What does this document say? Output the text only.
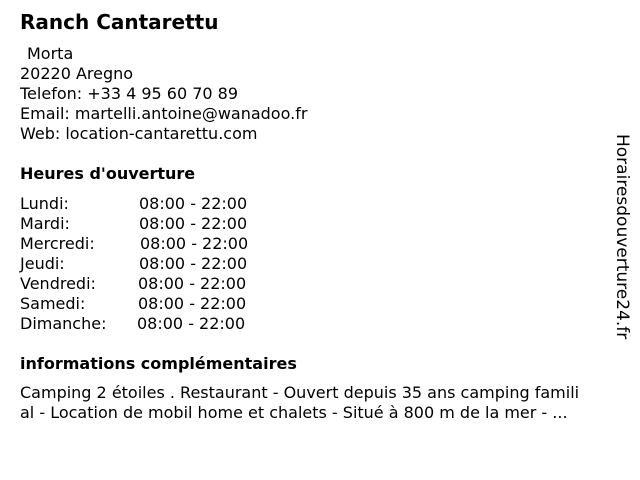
Ranch Cantarettu
Morta
20220 Aregno
Telefon: +33 4 95 60 70 89
Email: martelli.antoine@wanadoo.fr
Web: location-cantarettu.com
Heures d'ouverture
Lundi:	08:00 - 22:00
Mardi:	08:00 - 22:00
Mercredi:	08:00 - 22:00
Jeudi:	08:00 - 22:00
Vendredi:	08:00 - 22:00
Samedi:	08:00 - 22:00
Dimanche: 08:00 - 22:00
informations complémentaires
Camping 2 étoiles . Restaurant - Ouvert depuis 35 ans camping famili
al - Location de mobil home et chalets - Situé à 800 m de la mer - ...
Horairesdouverture24.fr
